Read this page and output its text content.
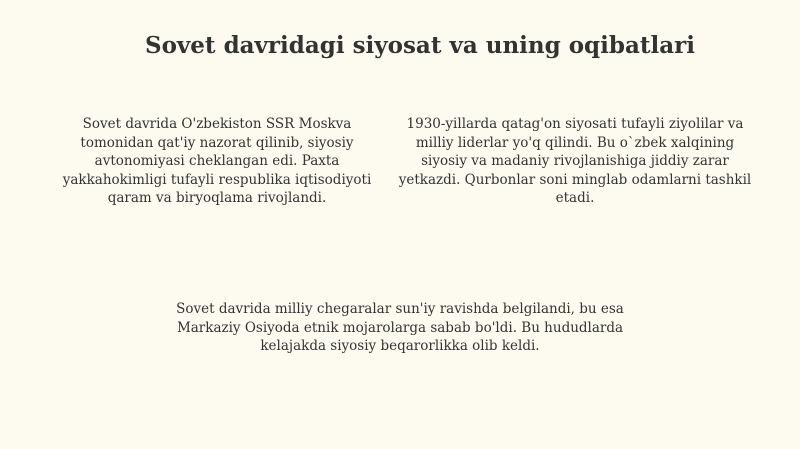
Sovet davridagi siyosat va uning oqibatlari

Sovet davrida O'zbekiston SSR Moskva tomonidan qat'iy nazorat qilinib, siyosiy avtonomiyasi cheklangan edi. Paxta yakkahokimligi tufayli respublika iqtisodiyoti qaram va biryoqlama rivojlandi.

1930-yillarda qatag'on siyosati tufayli ziyolilar va milliy liderlar yo'q qilindi. Bu o`zbek xalqining siyosiy va madaniy rivojlanishiga jiddiy zarar yetkazdi. Qurbonlar soni minglab odamlarni tashkil etadi.

Sovet davrida milliy chegaralar sun'iy ravishda belgilandi, bu esa Markaziy Osiyoda etnik mojarolarga sabab bo'ldi. Bu hududlarda kelajakda siyosiy beqarorlikka olib keldi.
